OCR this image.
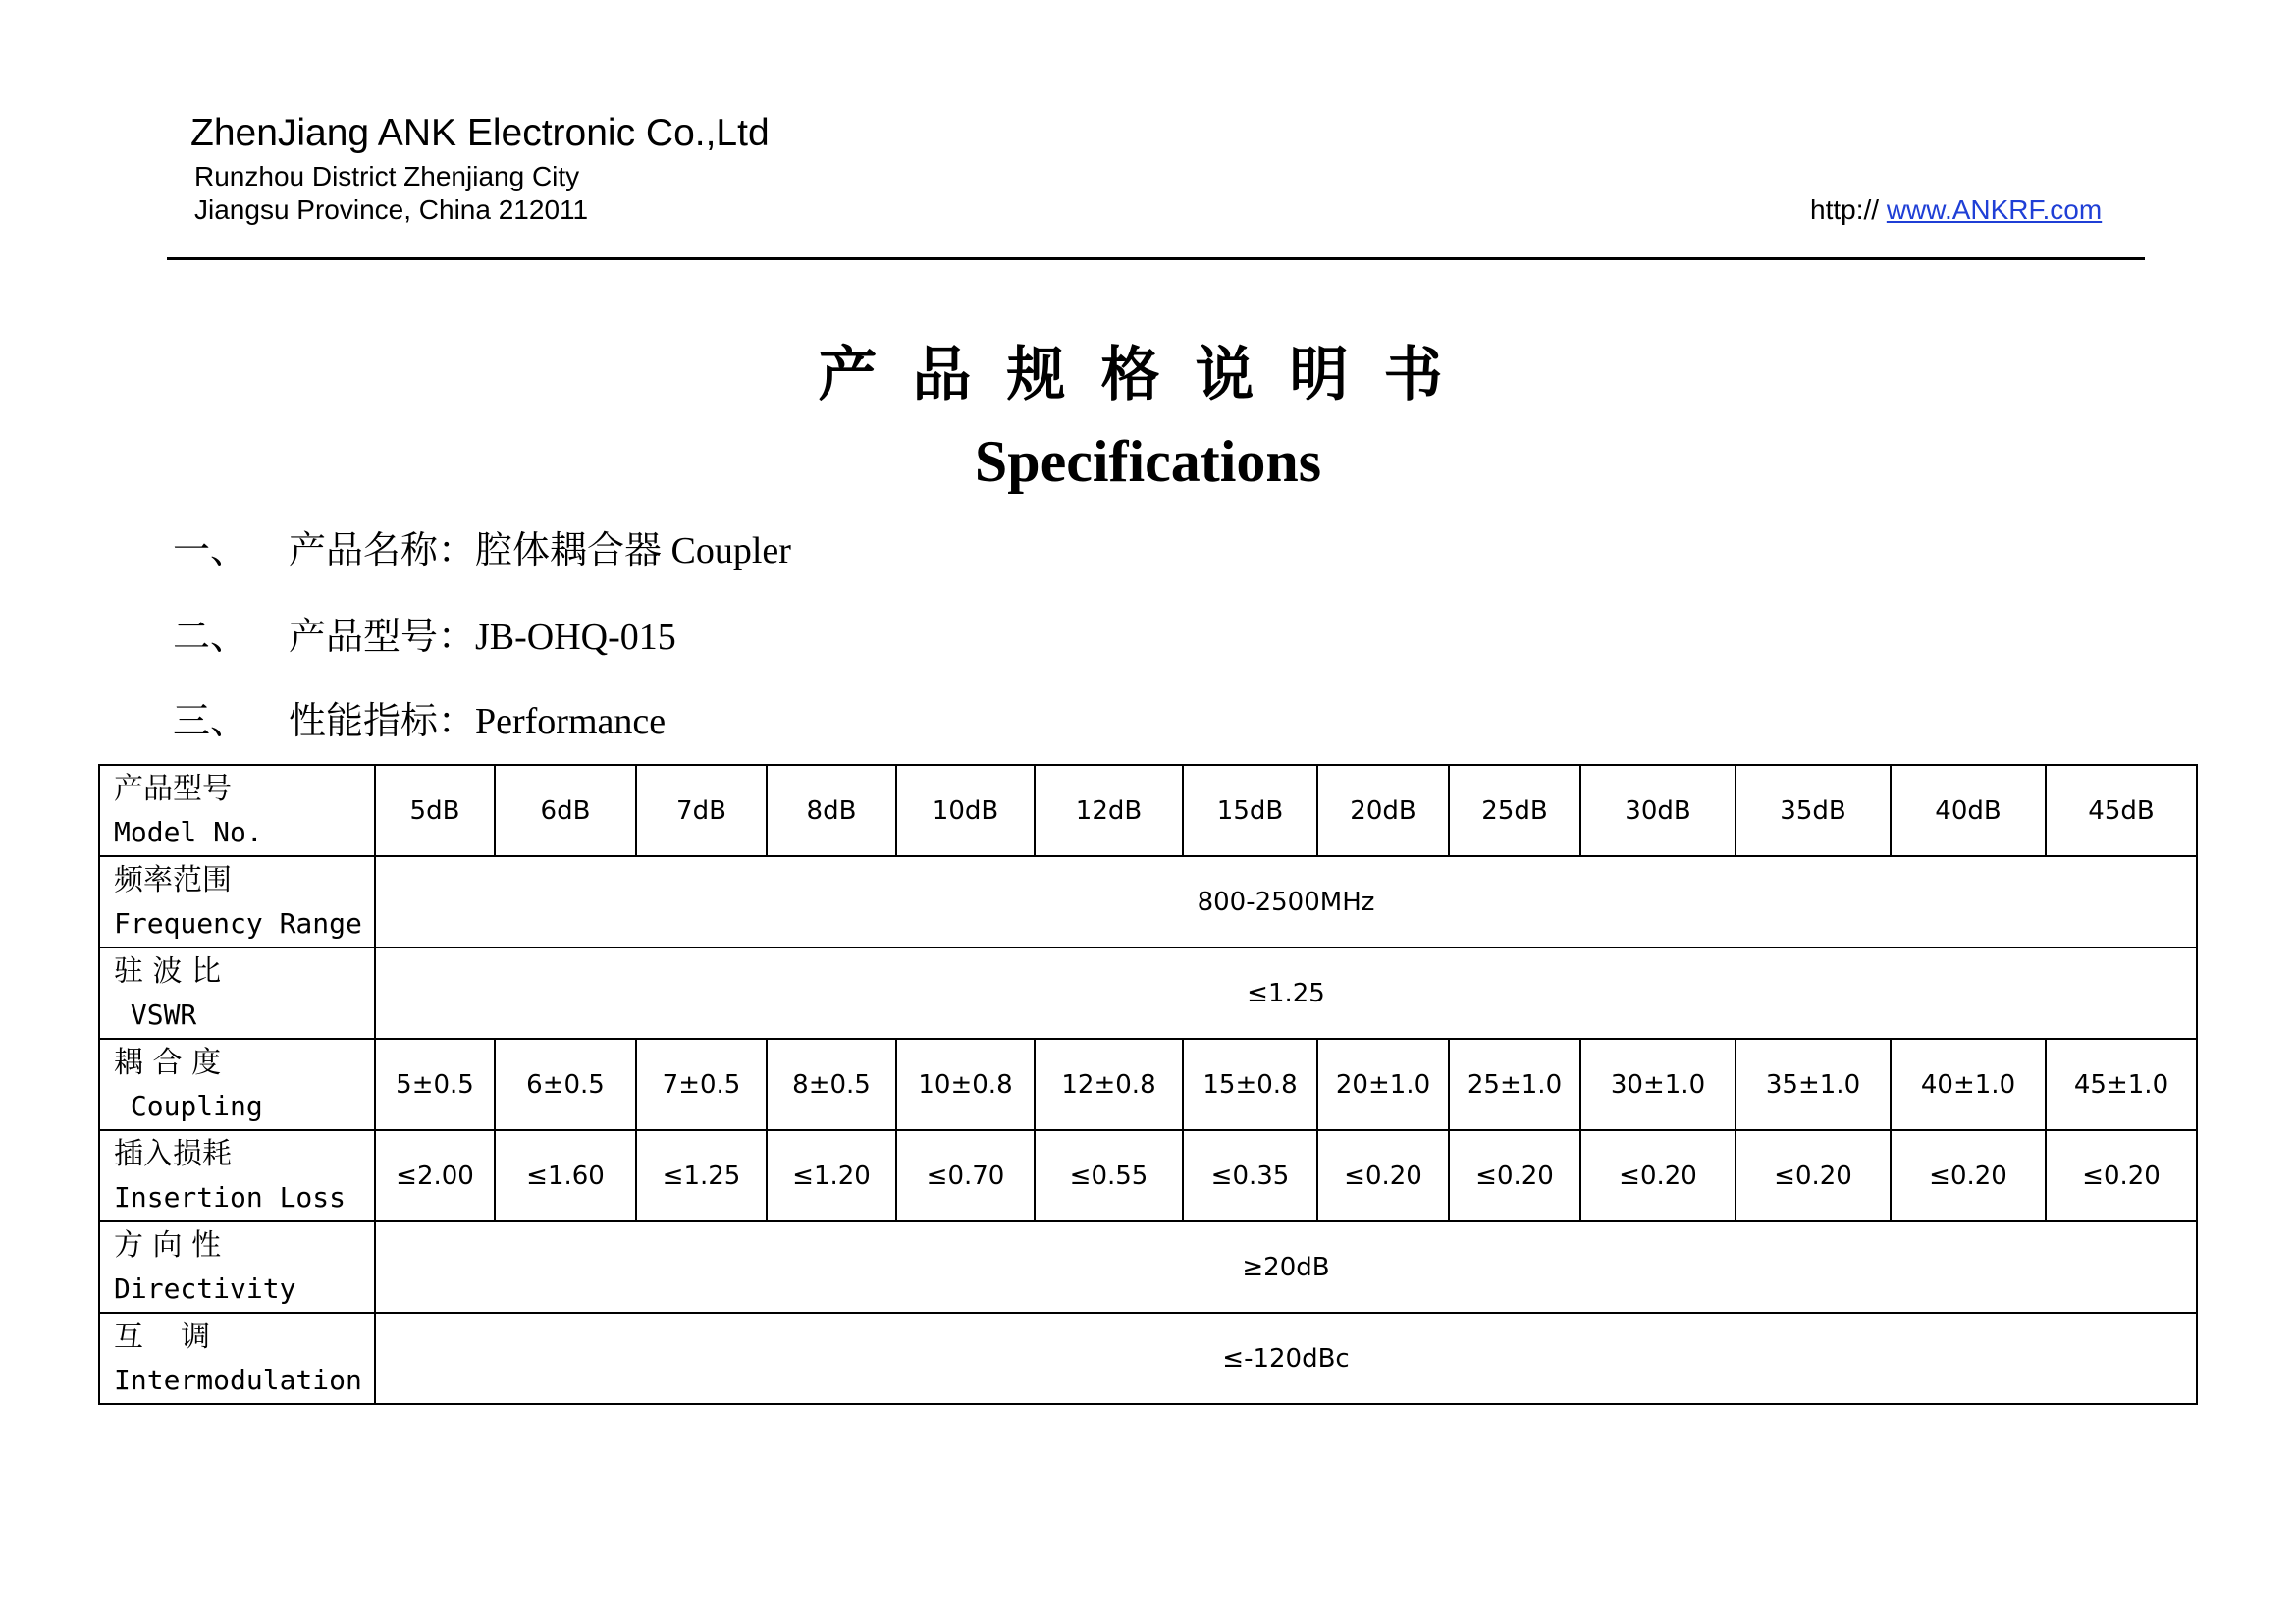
ZhenJiang ANK Electronic Co.,Ltd
Runzhou District Zhenjiang City
Jiangsu Province, China 212011	http:// www.ANKRF.com
产品规格说明书
Specifications
一、 产品名称：腔体耦合器 Coupler
二、 产品型号：JB-OHQ-015
三、 性能指标：Performance
产品型号
Model No.	5dB	6dB	7dB	8dB	10dB	12dB	15dB	20dB	25dB	30dB	35dB	40dB	45dB

频率范围
Frequency Range	800-2500MHz												

驻 波 比
VSWR	≤1.25												

耦 合 度
Coupling	5±0.5	6±0.5	7±0.5	8±0.5	10±0.8	12±0.8	15±0.8	20±1.0	25±1.0	30±1.0	35±1.0	40±1.0	45±1.0

插入损耗
Insertion Loss	≤2.00	≤1.60	≤1.25	≤1.20	≤0.70	≤0.55	≤0.35	≤0.20	≤0.20	≤0.20	≤0.20	≤0.20	≤0.20

方 向 性
Directivity	≥20dB												

互    调
Intermodulation	≤-120dBc												
